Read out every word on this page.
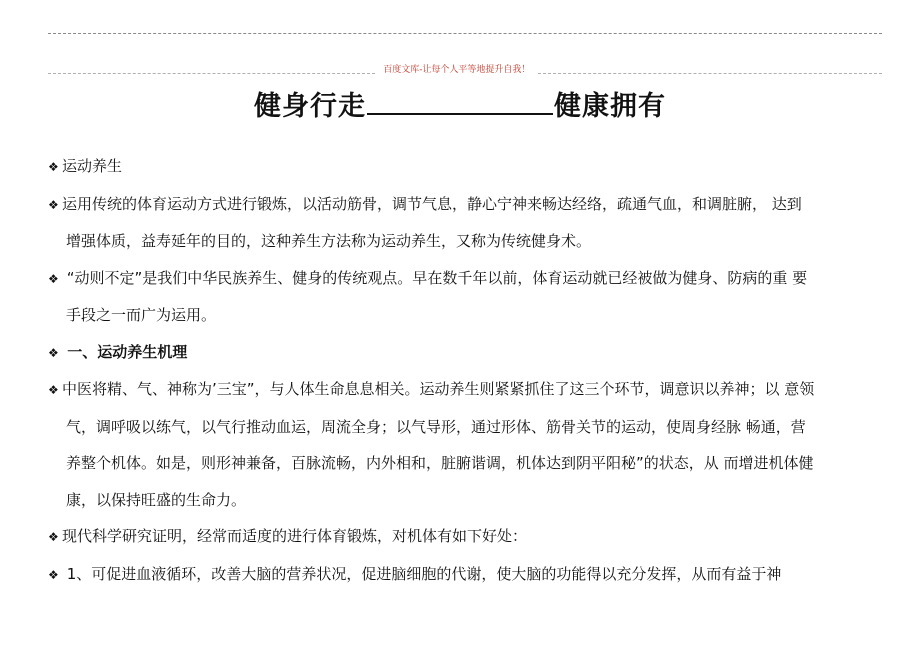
百度文库-让每个人平等地提升自我！
健身行走	健康拥有

❖ 运动养生

❖ 运用传统的体育运动方式进行锻炼，以活动筋骨，调节气息，静心宁神来畅达经络，疏通气血，和调脏腑， 达到
增强体质，益寿延年的目的，这种养生方法称为运动养生，又称为传统健身术。

❖ “动则不定”是我们中华民族养生、健身的传统观点。早在数千年以前，体育运动就已经被做为健身、防病的重 要
手段之一而广为运用。

❖ 一、运动养生机理

❖ 中医将精、气、神称为’三宝”，与人体生命息息相关。运动养生则紧紧抓住了这三个环节，调意识以养神；以 意领
气，调呼吸以练气，以气行推动血运，周流全身；以气导形，通过形体、筋骨关节的运动，使周身经脉 畅通，营
养整个机体。如是，则形神兼备，百脉流畅，内外相和，脏腑谐调，机体达到阴平阳秘”的状态，从 而增进机体健
康，以保持旺盛的生命力。

❖ 现代科学研究证明，经常而适度的进行体育锻炼，对机体有如下好处：

❖ 1、可促进血液循环，改善大脑的营养状况，促进脑细胞的代谢，使大脑的功能得以充分发挥，从而有益于神
